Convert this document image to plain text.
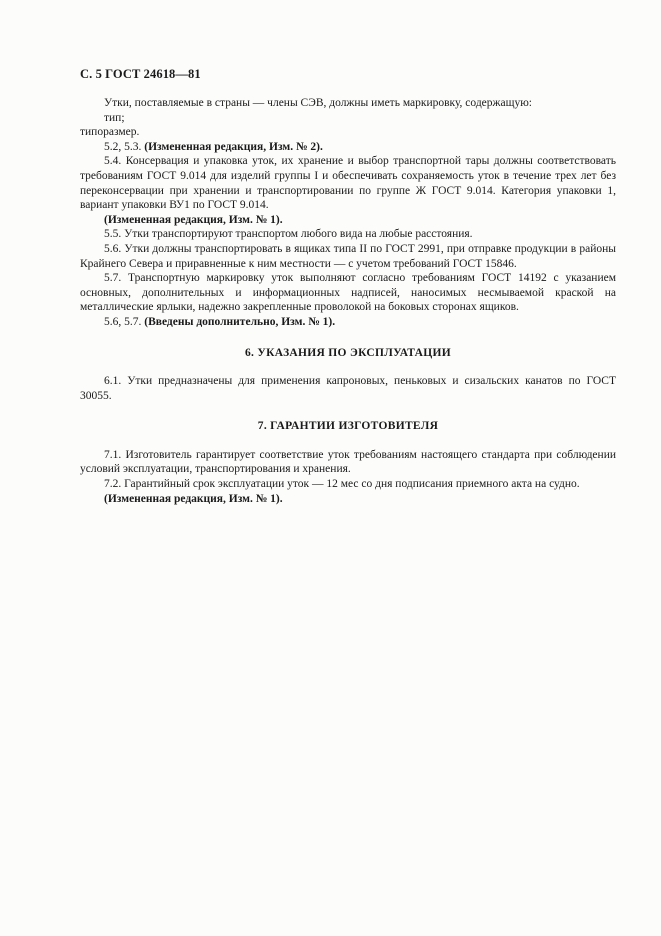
С. 5 ГОСТ 24618—81

Утки, поставляемые в страны — члены СЭВ, должны иметь маркировку, содержащую:

тип;

типоразмер.

5.2, 5.3. (Измененная редакция, Изм. № 2).

5.4. Консервация и упаковка уток, их хранение и выбор транспортной тары должны соответствовать требованиям ГОСТ 9.014 для изделий группы I и обеспечивать сохраняемость уток в течение трех лет без переконсервации при хранении и транспортировании по группе Ж ГОСТ 9.014. Категория упаковки 1, вариант упаковки ВУ1 по ГОСТ 9.014.

(Измененная редакция, Изм. № 1).

5.5. Утки транспортируют транспортом любого вида на любые расстояния.

5.6. Утки должны транспортировать в ящиках типа II по ГОСТ 2991, при отправке продукции в районы Крайнего Севера и приравненные к ним местности — с учетом требований ГОСТ 15846.

5.7. Транспортную маркировку уток выполняют согласно требованиям ГОСТ 14192 с указанием основных, дополнительных и информационных надписей, наносимых несмываемой краской на металлические ярлыки, надежно закрепленные проволокой на боковых сторонах ящиков.

5.6, 5.7. (Введены дополнительно, Изм. № 1).

6. УКАЗАНИЯ ПО ЭКСПЛУАТАЦИИ

6.1. Утки предназначены для применения капроновых, пеньковых и сизальских канатов по ГОСТ 30055.

7. ГАРАНТИИ ИЗГОТОВИТЕЛЯ

7.1. Изготовитель гарантирует соответствие уток требованиям настоящего стандарта при соблюдении условий эксплуатации, транспортирования и хранения.

7.2. Гарантийный срок эксплуатации уток — 12 мес со дня подписания приемного акта на судно.

(Измененная редакция, Изм. № 1).
